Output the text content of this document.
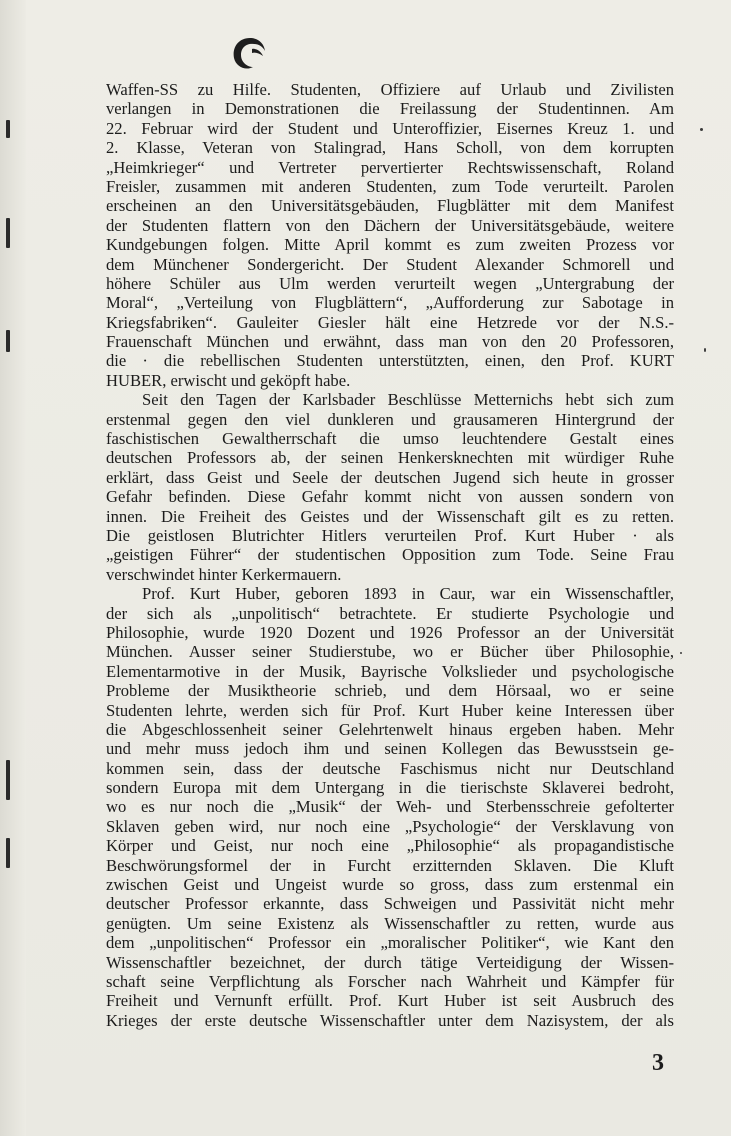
Waffen-SS zu Hilfe. Studenten, Offiziere auf Urlaub und Zivilisten
verlangen in Demonstrationen die Freilassung der Studentinnen. Am
22. Februar wird der Student und Unteroffizier, Eisernes Kreuz 1. und
2. Klasse, Veteran von Stalingrad, Hans Scholl, von dem korrupten
„Heimkrieger“ und Vertreter pervertierter Rechtswissenschaft, Roland
Freisler, zusammen mit anderen Studenten, zum Tode verurteilt. Parolen
erscheinen an den Universitätsgebäuden, Flugblätter mit dem Manifest
der Studenten flattern von den Dächern der Universitätsgebäude, weitere
Kundgebungen folgen. Mitte April kommt es zum zweiten Prozess vor
dem Münchener Sondergericht. Der Student Alexander Schmorell und
höhere Schüler aus Ulm werden verurteilt wegen „Untergrabung der
Moral“, „Verteilung von Flugblättern“, „Aufforderung zur Sabotage in
Kriegsfabriken“. Gauleiter Giesler hält eine Hetzrede vor der N.S.-
Frauenschaft München und erwähnt, dass man von den 20 Professoren,
die · die rebellischen Studenten unterstützten, einen, den Prof. KURT
HUBER, erwischt und geköpft habe.
Seit den Tagen der Karlsbader Beschlüsse Metternichs hebt sich zum
erstenmal gegen den viel dunkleren und grausameren Hintergrund der
faschistischen Gewaltherrschaft die umso leuchtendere Gestalt eines
deutschen Professors ab, der seinen Henkersknechten mit würdiger Ruhe
erklärt, dass Geist und Seele der deutschen Jugend sich heute in grosser
Gefahr befinden. Diese Gefahr kommt nicht von aussen sondern von
innen. Die Freiheit des Geistes und der Wissenschaft gilt es zu retten.
Die geistlosen Blutrichter Hitlers verurteilen Prof. Kurt Huber · als
„geistigen Führer“ der studentischen Opposition zum Tode. Seine Frau
verschwindet hinter Kerkermauern.
Prof. Kurt Huber, geboren 1893 in Caur, war ein Wissenschaftler,
der sich als „unpolitisch“ betrachtete. Er studierte Psychologie und
Philosophie, wurde 1920 Dozent und 1926 Professor an der Universität
München. Ausser seiner Studierstube, wo er Bücher über Philosophie,
Elementarmotive in der Musik, Bayrische Volkslieder und psychologische
Probleme der Musiktheorie schrieb, und dem Hörsaal, wo er seine
Studenten lehrte, werden sich für Prof. Kurt Huber keine Interessen über
die Abgeschlossenheit seiner Gelehrtenwelt hinaus ergeben haben. Mehr
und mehr muss jedoch ihm und seinen Kollegen das Bewusstsein ge-
kommen sein, dass der deutsche Faschismus nicht nur Deutschland
sondern Europa mit dem Untergang in die tierischste Sklaverei bedroht,
wo es nur noch die „Musik“ der Weh- und Sterbensschreie gefolterter
Sklaven geben wird, nur noch eine „Psychologie“ der Versklavung von
Körper und Geist, nur noch eine „Philosophie“ als propagandistische
Beschwörungsformel der in Furcht erzitternden Sklaven. Die Kluft
zwischen Geist und Ungeist wurde so gross, dass zum erstenmal ein
deutscher Professor erkannte, dass Schweigen und Passivität nicht mehr
genügten. Um seine Existenz als Wissenschaftler zu retten, wurde aus
dem „unpolitischen“ Professor ein „moralischer Politiker“, wie Kant den
Wissenschaftler bezeichnet, der durch tätige Verteidigung der Wissen-
schaft seine Verpflichtung als Forscher nach Wahrheit und Kämpfer für
Freiheit und Vernunft erfüllt. Prof. Kurt Huber ist seit Ausbruch des
Krieges der erste deutsche Wissenschaftler unter dem Nazisystem, der als
3
